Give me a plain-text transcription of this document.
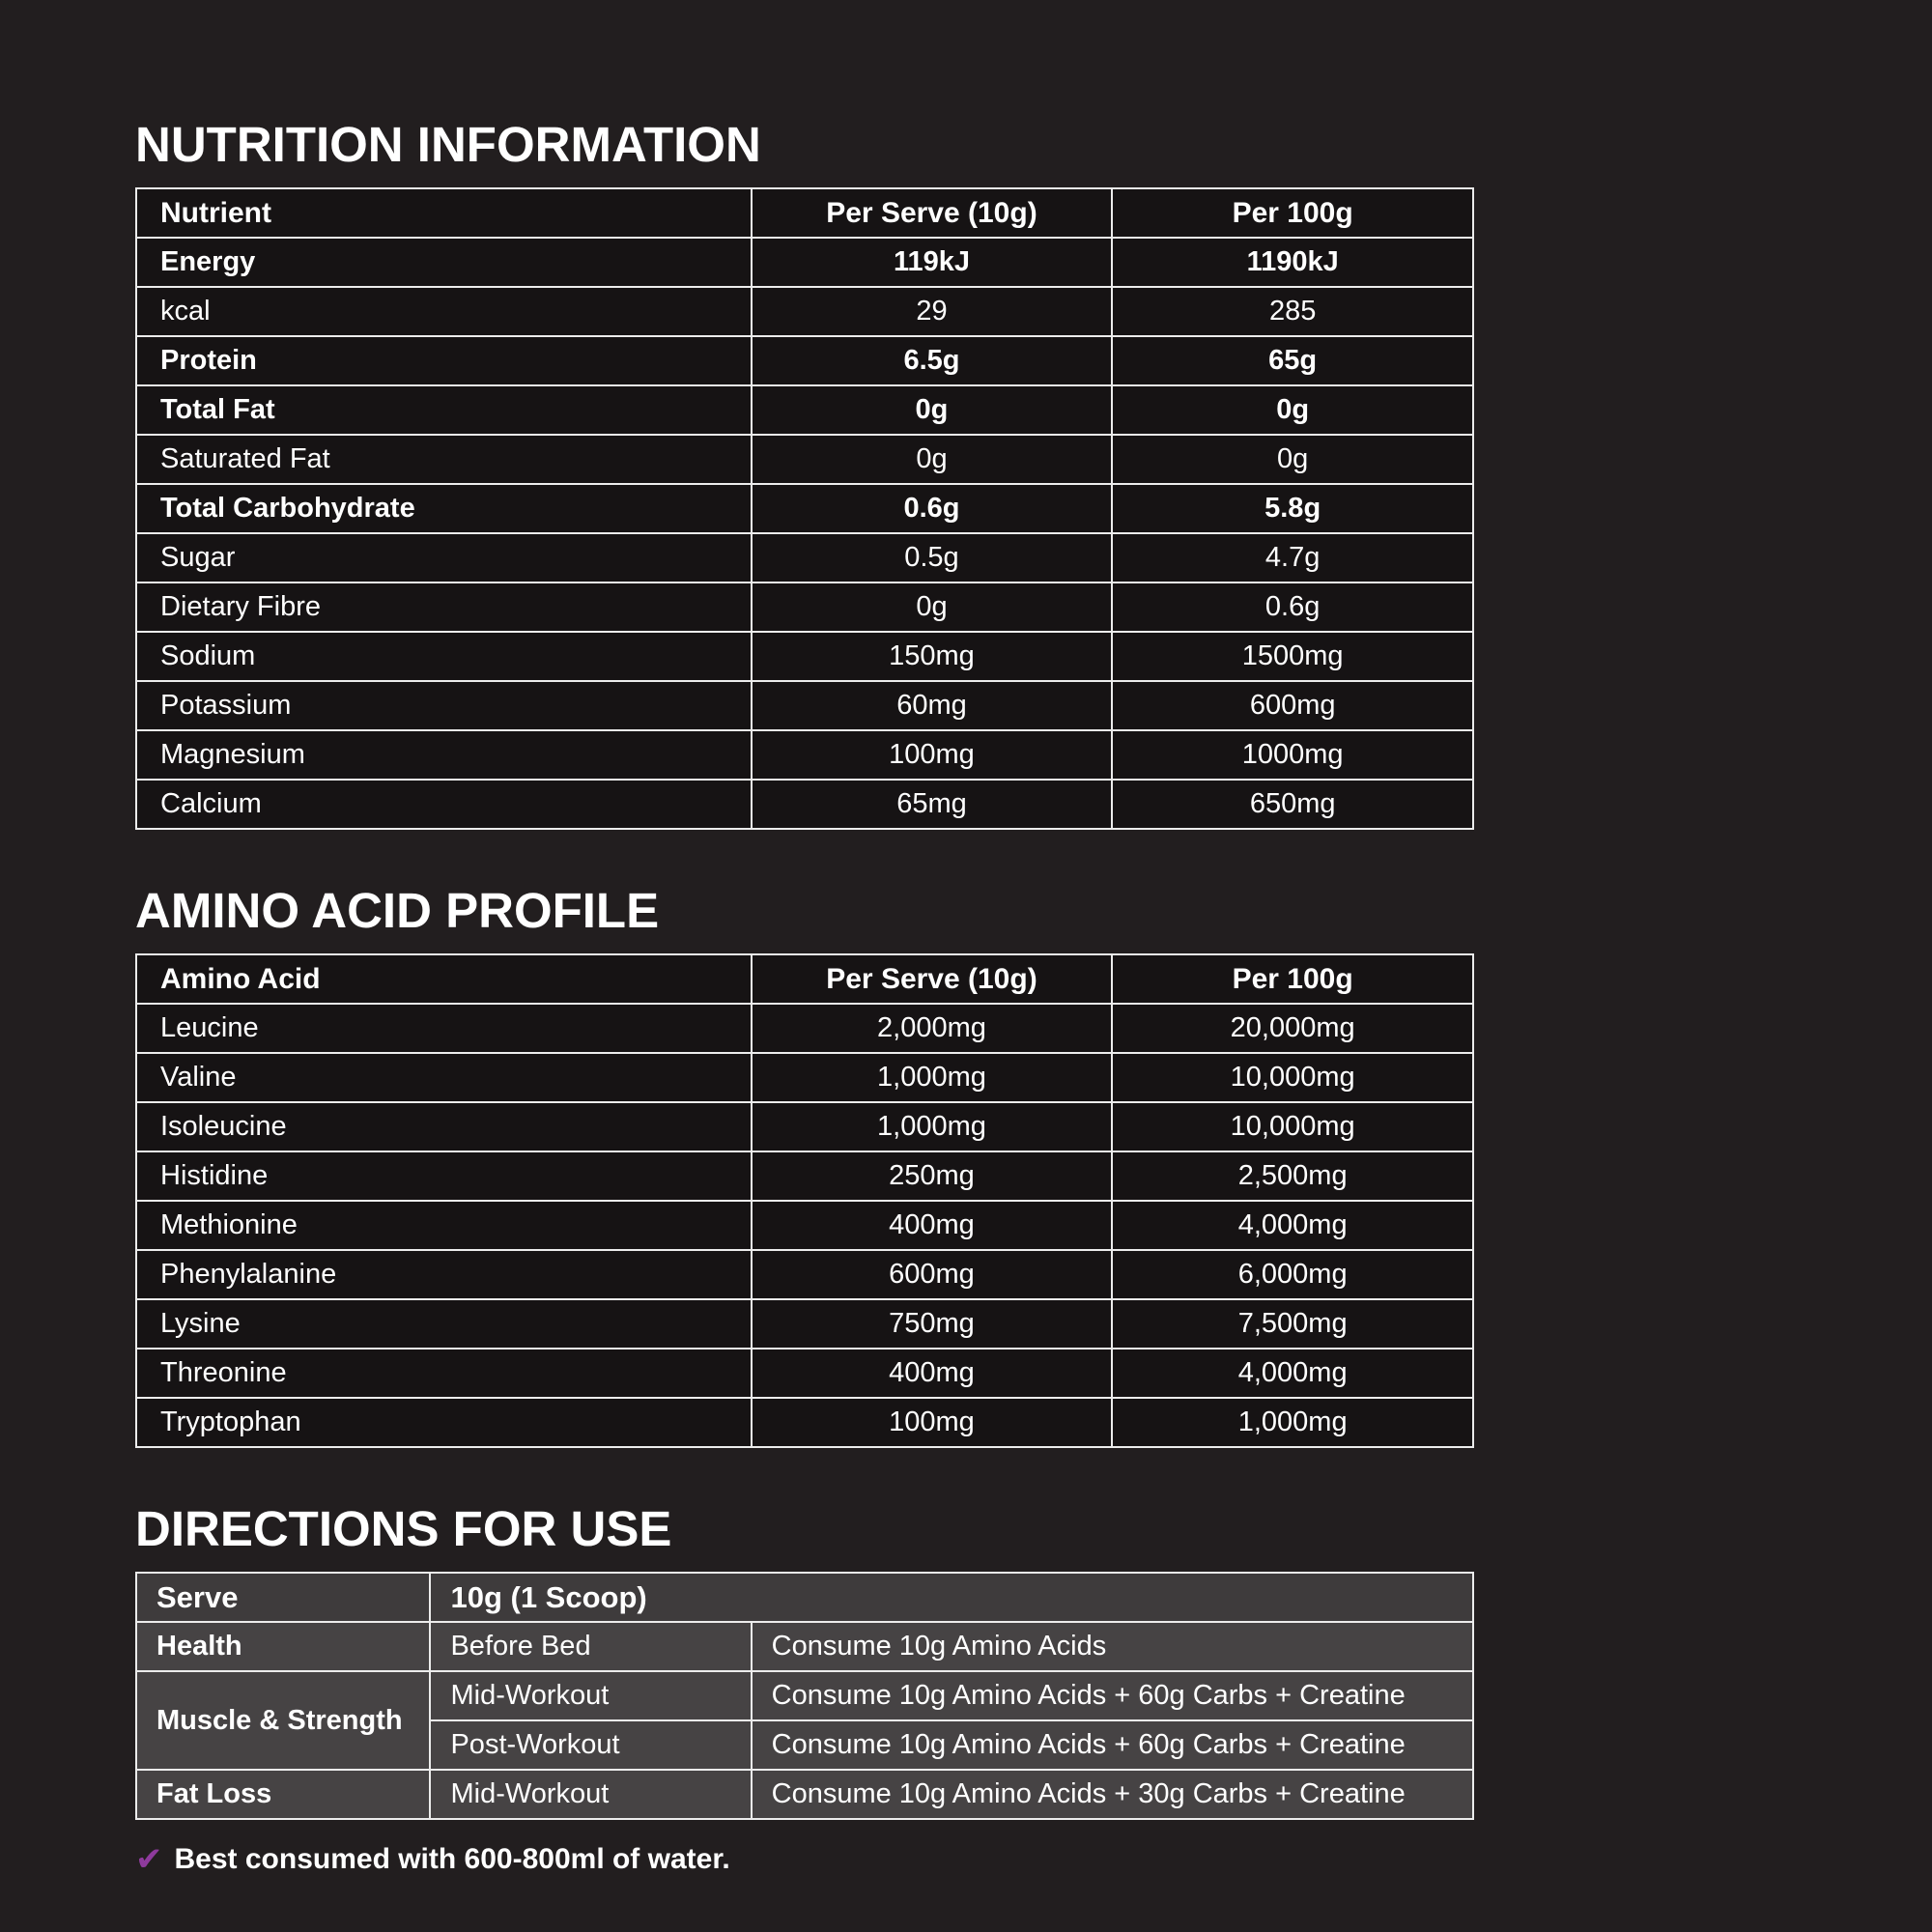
NUTRITION INFORMATION
Nutrient	Per Serve (10g)	Per 100g
Energy	119kJ	1190kJ
kcal	29	285
Protein	6.5g	65g
Total Fat	0g	0g
Saturated Fat	0g	0g
Total Carbohydrate	0.6g	5.8g
Sugar	0.5g	4.7g
Dietary Fibre	0g	0.6g
Sodium	150mg	1500mg
Potassium	60mg	600mg
Magnesium	100mg	1000mg
Calcium	65mg	650mg
AMINO ACID PROFILE
Amino Acid	Per Serve (10g)	Per 100g
Leucine	2,000mg	20,000mg
Valine	1,000mg	10,000mg
Isoleucine	1,000mg	10,000mg
Histidine	250mg	2,500mg
Methionine	400mg	4,000mg
Phenylalanine	600mg	6,000mg
Lysine	750mg	7,500mg
Threonine	400mg	4,000mg
Tryptophan	100mg	1,000mg
DIRECTIONS FOR USE
Serve	10g (1 Scoop)	
Health	Before Bed	Consume 10g Amino Acids
Muscle & Strength	Mid-Workout	Consume 10g Amino Acids + 60g Carbs + Creatine
	Post-Workout	Consume 10g Amino Acids + 60g Carbs + Creatine
Fat Loss	Mid-Workout	Consume 10g Amino Acids + 30g Carbs + Creatine
✔ Best consumed with 600-800ml of water.
